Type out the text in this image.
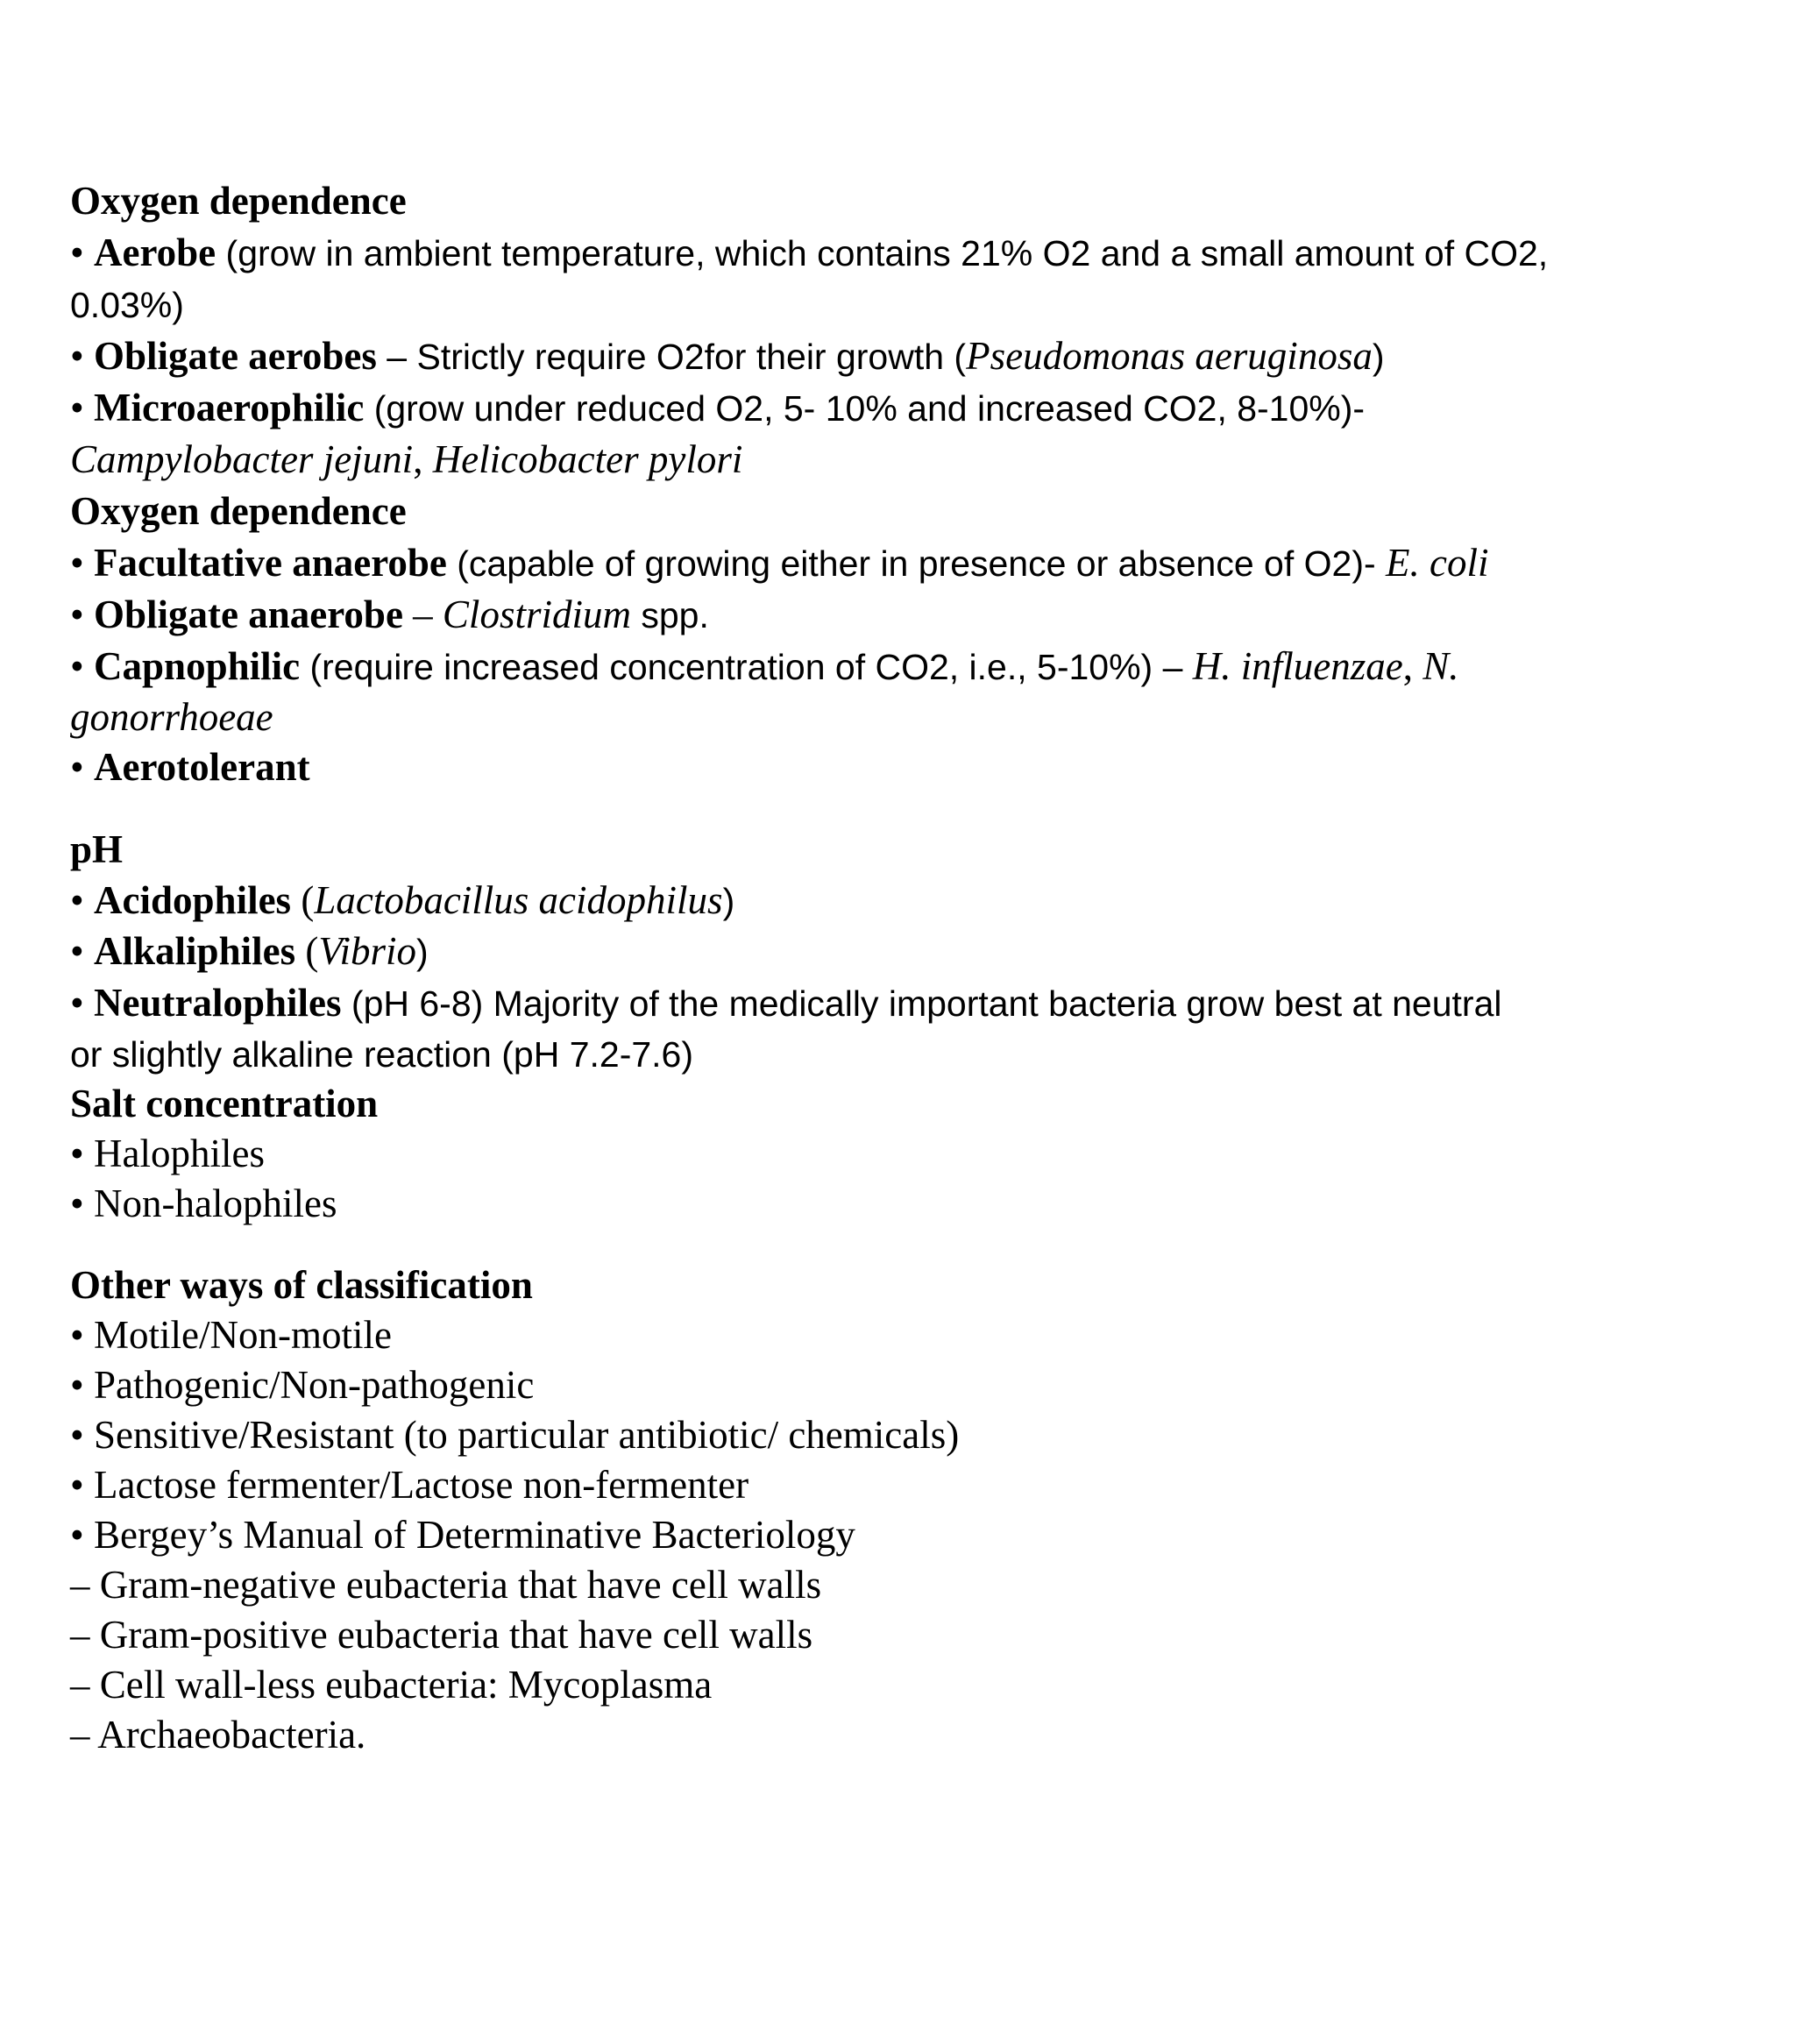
Oxygen dependence
• Aerobe (grow in ambient temperature, which contains 21% O2 and a small amount of CO2,
0.03%)
• Obligate aerobes – Strictly require O2for their growth (Pseudomonas aeruginosa)
• Microaerophilic (grow under reduced O2, 5- 10% and increased CO2, 8-10%)-
Campylobacter jejuni, Helicobacter pylori
Oxygen dependence
• Facultative anaerobe (capable of growing either in presence or absence of O2)- E. coli
• Obligate anaerobe – Clostridium spp.
• Capnophilic (require increased concentration of CO2, i.e., 5-10%) – H. influenzae, N.
gonorrhoeae
• Aerotolerant
pH
• Acidophiles (Lactobacillus acidophilus)
• Alkaliphiles (Vibrio)
• Neutralophiles (pH 6-8) Majority of the medically important bacteria grow best at neutral
or slightly alkaline reaction (pH 7.2-7.6)
Salt concentration
• Halophiles
• Non-halophiles
Other ways of classification
• Motile/Non-motile
• Pathogenic/Non-pathogenic
• Sensitive/Resistant (to particular antibiotic/ chemicals)
• Lactose fermenter/Lactose non-fermenter
• Bergey’s Manual of Determinative Bacteriology
– Gram-negative eubacteria that have cell walls
– Gram-positive eubacteria that have cell walls
– Cell wall-less eubacteria: Mycoplasma
– Archaeobacteria.
